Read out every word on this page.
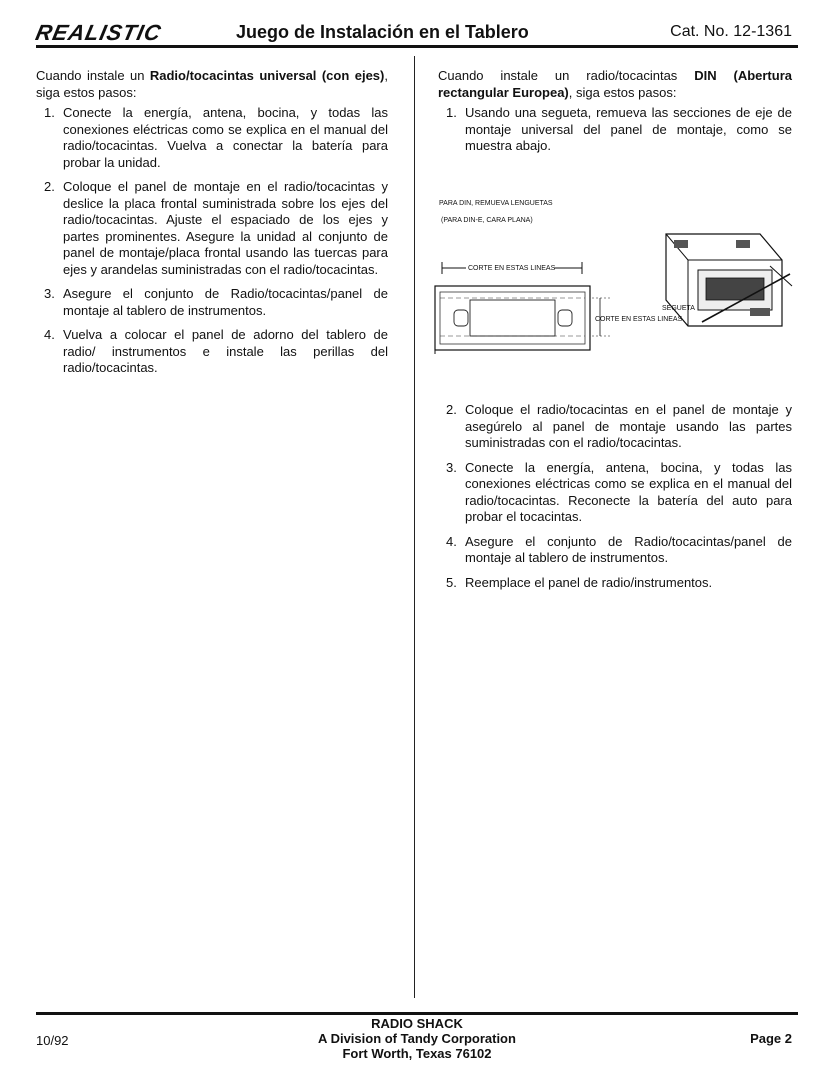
REALISTIC	Juego de Instalación en el Tablero	Cat. No. 12-1361

Cuando instale un Radio/tocacintas universal (con ejes), siga estos pasos:

1. Conecte la energía, antena, bocina, y todas las conexiones eléctricas como se explica en el manual del radio/tocacintas. Vuelva a conectar la batería para probar la unidad.
2. Coloque el panel de montaje en el radio/tocacintas y deslice la placa frontal suministrada sobre los ejes del radio/tocacintas. Ajuste el espaciado de los ejes y partes prominentes. Asegure la unidad al conjunto de panel de montaje/placa frontal usando las tuercas para ejes y arandelas suministradas con el radio/tocacintas.
3. Asegure el conjunto de Radio/tocacintas/panel de montaje al tablero de instrumentos.
4. Vuelva a colocar el panel de adorno del tablero de radio/ instrumentos e instale las perillas del radio/tocacintas.

Cuando instale un radio/tocacintas DIN (Abertura rectangular Europea), siga estos pasos:

1. Usando una segueta, remueva las secciones de eje de montaje universal del panel de montaje, como se muestra abajo.
PARA DIN, REMUEVA LENGUETAS
(PARA DIN-E, CARA PLANA)
CORTE EN ESTAS LINEAS
SEGUETA
CORTE EN ESTAS LINEAS
2. Coloque el radio/tocacintas en el panel de montaje y asegúrelo al panel de montaje usando las partes suministradas con el radio/tocacintas.
3. Conecte la energía, antena, bocina, y todas las conexiones eléctricas como se explica en el manual del radio/tocacintas. Reconecte la batería del auto para probar el tocacintas.
4. Asegure el conjunto de Radio/tocacintas/panel de montaje al tablero de instrumentos.
5. Reemplace el panel de radio/instrumentos.
10/92
RADIO SHACK
A Division of Tandy Corporation
Fort Worth, Texas 76102
Page 2
